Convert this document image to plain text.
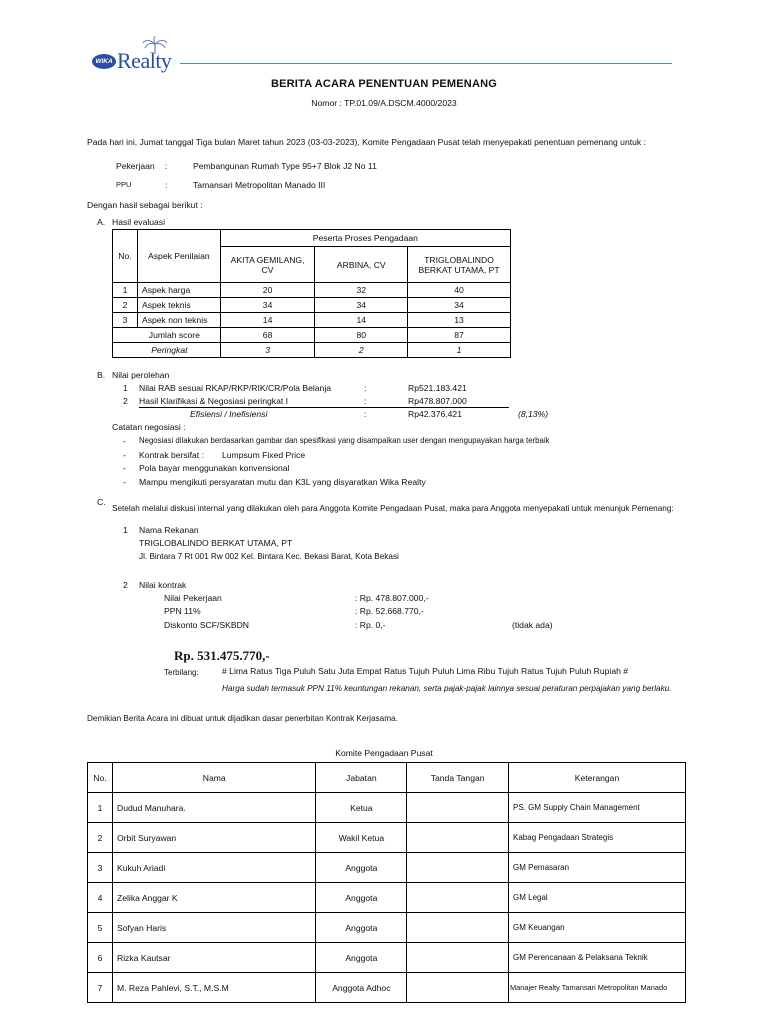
WIKA Realty
BERITA ACARA PENENTUAN PEMENANG
Nomor : TP.01.09/A.DSCM.4000/2023
Pada hari ini, Jumat tanggal Tiga bulan Maret tahun 2023 (03-03-2023), Komite Pengadaan Pusat telah menyepakati penentuan pemenang untuk :
Pekerjaan :	Pembangunan Rumah Type 95+7 Blok J2 No 11
PPU	:	Tamansari Metropolitan Manado III
Dengan hasil sebagai berikut :
A. Hasil evaluasi
No.	Aspek Penilaian	Peserta Proses Pengadaan		
		AKITA GEMILANG, CV	ARBINA, CV	TRIGLOBALINDO
BERKAT UTAMA, PT
1	Aspek harga	20	32	40
2	Aspek teknis	34	34	34
3	Aspek non teknis	14	14	13
Jumlah score		68	80	87
Peringkat		3	2	1
B. Nilai perolehan
1 Nilai RAB sesuai RKAP/RKP/RIK/CR/Pola Belanja	:	Rp521.183.421
2 Hasil Klarifikasi & Negosiasi peringkat I	:	Rp478.807.000
Efisiensi / Inefisiensi	:	Rp42.376.421	(8,13%)
Catatan negosiasi :
- Negosiasi dilakukan berdasarkan gambar dan spesifikasi yang disampaikan user dengan mengupayakan harga terbaik
- Kontrak bersifat : Lumpsum Fixed Price
- Pola bayar menggunakan konvensional
- Mampu mengikuti persyaratan mutu dan K3L yang disyaratkan Wika Realty
C.
Setelah melalui diskusi internal yang dilakukan oleh para Anggota Komite Pengadaan Pusat, maka para Anggota menyepakati untuk menunjuk Pemenang:
1 Nama Rekanan
TRIGLOBALINDO BERKAT UTAMA, PT
Jl. Bintara 7 Rt 001 Rw 002 Kel. Bintara Kec. Bekasi Barat, Kota Bekasi
2 Nilai kontrak
Nilai Pekerjaan	: Rp. 478.807.000,-
PPN 11%	: Rp. 52.668.770,-
Diskonto SCF/SKBDN	: Rp. 0,-	(tidak ada)
Rp. 531.475.770,-
Terbilang:	# Lima Ratus Tiga Puluh Satu Juta Empat Ratus Tujuh Puluh Lima Ribu Tujuh Ratus Tujuh Puluh Rupiah #
Harga sudah termasuk PPN 11% keuntungan rekanan, serta pajak-pajak lainnya sesuai peraturan perpajakan yang berlaku.
Demikian Berita Acara ini dibuat untuk dijadikan dasar penerbitan Kontrak Kerjasama.
Komite Pengadaan Pusat
No.	Nama	Jabatan	Tanda Tangan	Keterangan
1	Dudud Manuhara.	Ketua		PS. GM Supply Chain Management
2	Orbit Suryawan	Wakil Ketua		Kabag Pengadaan Strategis
3	Kukuh Ariadi	Anggota		GM Pemasaran
4	Zelika Anggar K	Anggota		GM Legal
5	Sofyan Haris	Anggota		GM Keuangan
6	Rizka Kautsar	Anggota		GM Perencanaan & Pelaksana Teknik
7	M. Reza Pahlevi, S.T., M.S.M	Anggota Adhoc		Manajer Realty Tamansari Metropolitan Manado
